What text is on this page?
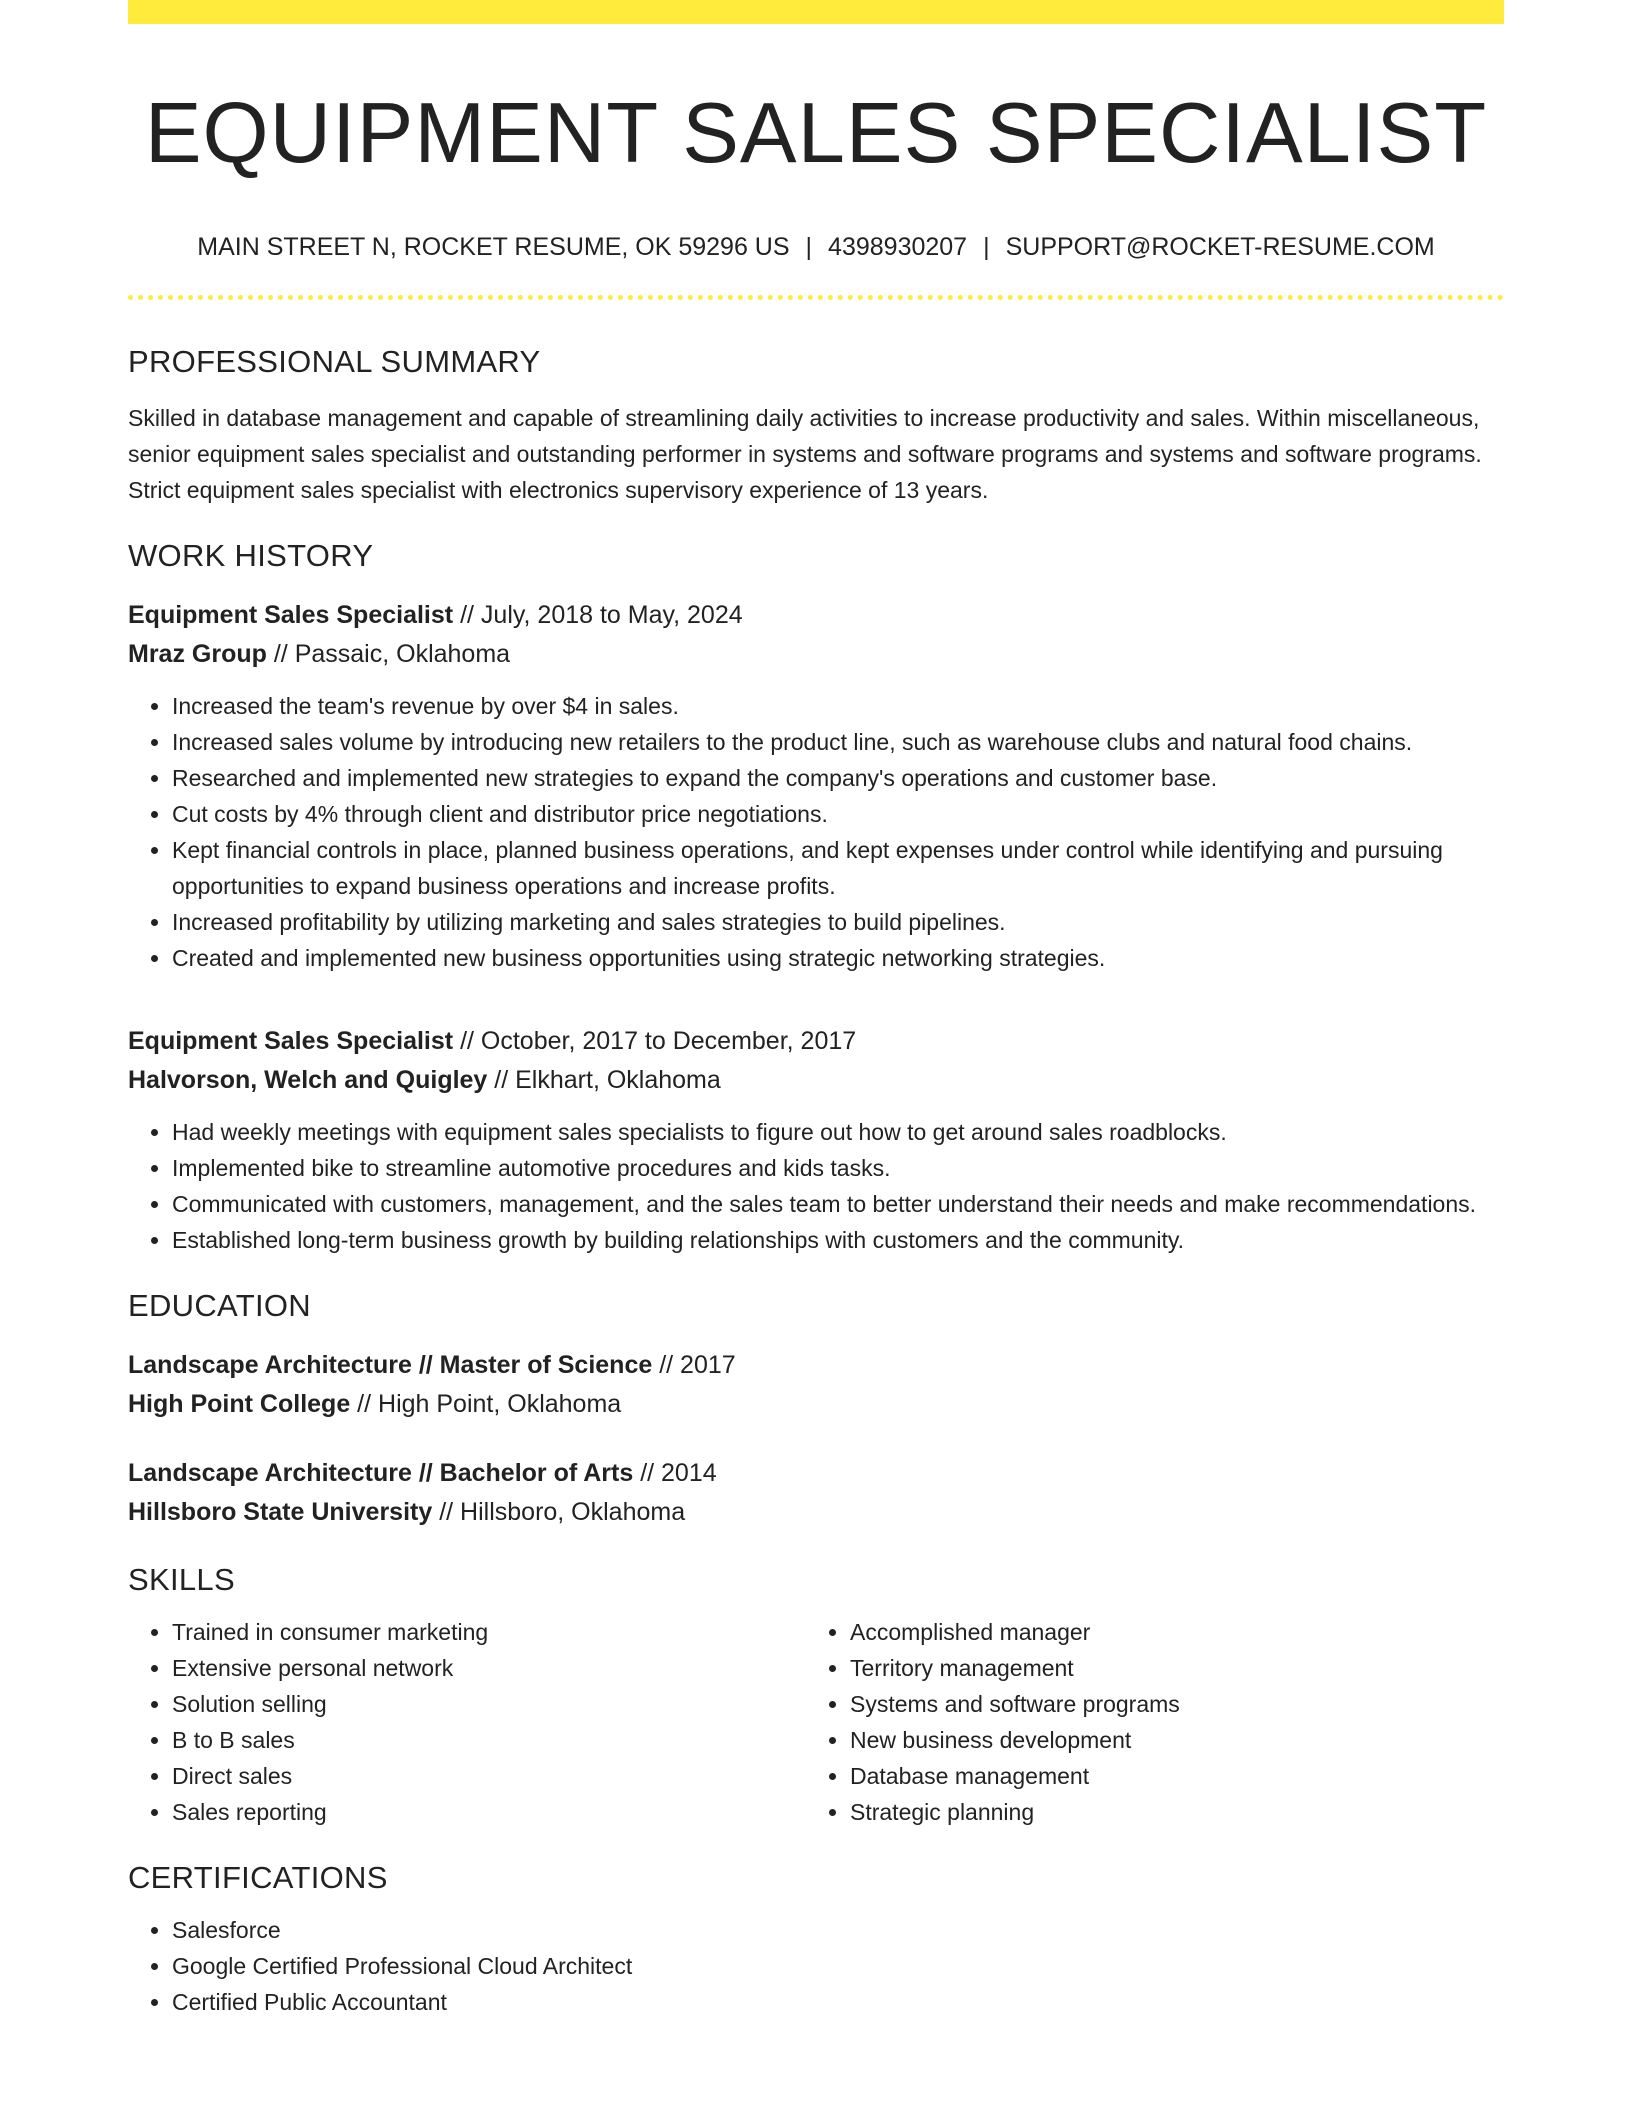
EQUIPMENT SALES SPECIALIST
MAIN STREET N, ROCKET RESUME, OK 59296 US | 4398930207 | SUPPORT@ROCKET-RESUME.COM
PROFESSIONAL SUMMARY

Skilled in database management and capable of streamlining daily activities to increase productivity and sales. Within miscellaneous, senior equipment sales specialist and outstanding performer in systems and software programs and systems and software programs. Strict equipment sales specialist with electronics supervisory experience of 13 years.

WORK HISTORY
Equipment Sales Specialist // July, 2018 to May, 2024
Mraz Group // Passaic, Oklahoma
• Increased the team's revenue by over $4 in sales.
• Increased sales volume by introducing new retailers to the product line, such as warehouse clubs and natural food chains.
• Researched and implemented new strategies to expand the company's operations and customer base.
• Cut costs by 4% through client and distributor price negotiations.
• Kept financial controls in place, planned business operations, and kept expenses under control while identifying and pursuing opportunities to expand business operations and increase profits.
• Increased profitability by utilizing marketing and sales strategies to build pipelines.
• Created and implemented new business opportunities using strategic networking strategies.
Equipment Sales Specialist // October, 2017 to December, 2017
Halvorson, Welch and Quigley // Elkhart, Oklahoma
• Had weekly meetings with equipment sales specialists to figure out how to get around sales roadblocks.
• Implemented bike to streamline automotive procedures and kids tasks.
• Communicated with customers, management, and the sales team to better understand their needs and make recommendations.
• Established long-term business growth by building relationships with customers and the community.
EDUCATION
Landscape Architecture // Master of Science // 2017
High Point College // High Point, Oklahoma
Landscape Architecture // Bachelor of Arts // 2014
Hillsboro State University // Hillsboro, Oklahoma
SKILLS
• Trained in consumer marketing
• Extensive personal network
• Solution selling
• B to B sales
• Direct sales
• Sales reporting
• Accomplished manager
• Territory management
• Systems and software programs
• New business development
• Database management
• Strategic planning
CERTIFICATIONS
• Salesforce
• Google Certified Professional Cloud Architect
• Certified Public Accountant
